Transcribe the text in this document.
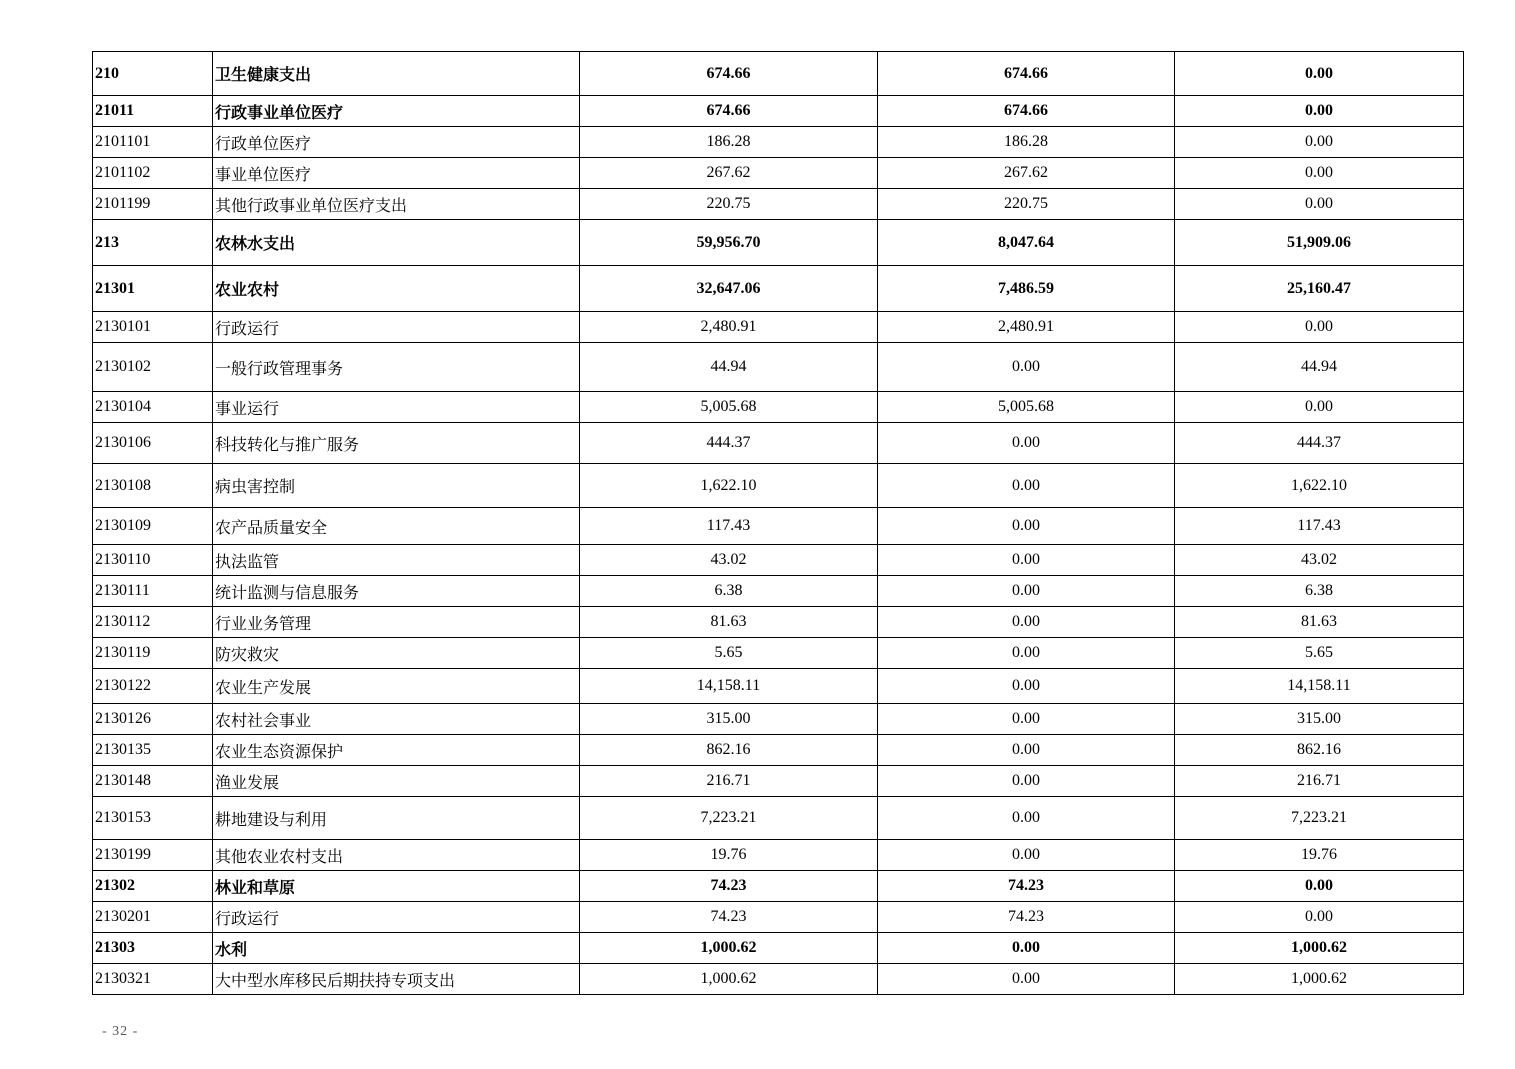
210	卫生健康支出	674.66	674.66	0.00
21011	行政事业单位医疗	674.66	674.66	0.00
2101101	行政单位医疗	186.28	186.28	0.00
2101102	事业单位医疗	267.62	267.62	0.00
2101199	其他行政事业单位医疗支出	220.75	220.75	0.00
213	农林水支出	59,956.70	8,047.64	51,909.06
21301	农业农村	32,647.06	7,486.59	25,160.47
2130101	行政运行	2,480.91	2,480.91	0.00
2130102	一般行政管理事务	44.94	0.00	44.94
2130104	事业运行	5,005.68	5,005.68	0.00
2130106	科技转化与推广服务	444.37	0.00	444.37
2130108	病虫害控制	1,622.10	0.00	1,622.10
2130109	农产品质量安全	117.43	0.00	117.43
2130110	执法监管	43.02	0.00	43.02
2130111	统计监测与信息服务	6.38	0.00	6.38
2130112	行业业务管理	81.63	0.00	81.63
2130119	防灾救灾	5.65	0.00	5.65
2130122	农业生产发展	14,158.11	0.00	14,158.11
2130126	农村社会事业	315.00	0.00	315.00
2130135	农业生态资源保护	862.16	0.00	862.16
2130148	渔业发展	216.71	0.00	216.71
2130153	耕地建设与利用	7,223.21	0.00	7,223.21
2130199	其他农业农村支出	19.76	0.00	19.76
21302	林业和草原	74.23	74.23	0.00
2130201	行政运行	74.23	74.23	0.00
21303	水利	1,000.62	0.00	1,000.62
2130321	大中型水库移民后期扶持专项支出	1,000.62	0.00	1,000.62
- 32 -
